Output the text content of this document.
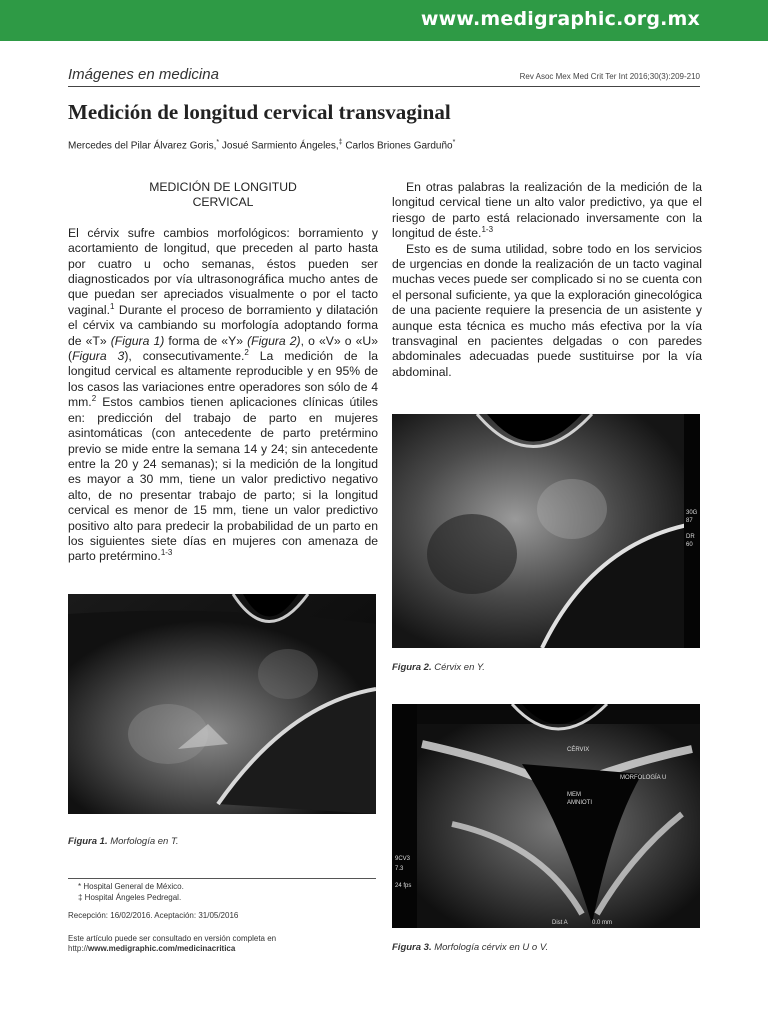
www.medigraphic.org.mx
Imágenes en medicina	Rev Asoc Mex Med Crit Ter Int 2016;30(3):209-210
Medición de longitud cervical transvaginal
Mercedes del Pilar Álvarez Goris,* Josué Sarmiento Ángeles,‡ Carlos Briones Garduño*
MEDICIÓN DE LONGITUD
CERVICAL

El cérvix sufre cambios morfológicos: borramiento y acortamiento de longitud, que preceden al parto hasta por cuatro u ocho semanas, éstos pueden ser diagnosticados por vía ultrasonográfica mucho antes de que puedan ser apreciados visualmente o por el tacto vaginal.$^1$ Durante el proceso de borramiento y dilatación el cérvix va cambiando su morfología adoptando forma de «T» (Figura 1) forma de «Y» (Figura 2), o «V» o «U» (Figura 3), consecutivamente.$^2$ La medición de la longitud cervical es altamente reproducible y en 95% de los casos las variaciones entre operadores son sólo de 4 mm.$^2$ Estos cambios tienen aplicaciones clínicas útiles en: predicción del trabajo de parto en mujeres asintomáticas (con antecedente de parto pretérmino previo se mide entre la semana 14 y 24; sin antecedente entre la 20 y 24 semanas); si la medición de la longitud es mayor a 30 mm, tiene un valor predictivo negativo alto, de no presentar trabajo de parto; si la longitud cervical es menor de 15 mm, tiene un valor predictivo positivo alto para predecir la probabilidad de un parto en los siguientes siete días en mujeres con amenaza de parto pretérmino.$^{1-3}$

En otras palabras la realización de la medición de la longitud cervical tiene un alto valor predictivo, ya que el riesgo de parto está relacionado inversamente con la longitud de éste.$^{1-3}$

Esto es de suma utilidad, sobre todo en los servicios de urgencias en donde la realización de un tacto vaginal muchas veces puede ser complicado si no se cuenta con el personal suficiente, ya que la exploración ginecológica de una paciente requiere la presencia de un asistente y aunque esta técnica es mucho más efectiva por la vía transvaginal en pacientes delgadas o con paredes abdominales adecuadas puede sustituirse por la vía abdominal.

Figura 1. Morfología en T.
30G
87
DR
60
Figura 2. Cérvix en Y.
CÉRVIX
MORFOLOGÍA U
MEM
AMNIOTI
9CV3
7.3
24 fps
Dist A	0.0 mm
Figura 3. Morfología cérvix en U o V.
* Hospital General de México.
‡ Hospital Ángeles Pedregal.
Recepción: 16/02/2016. Aceptación: 31/05/2016
Este artículo puede ser consultado en versión completa en
http://www.medigraphic.com/medicinacritica
